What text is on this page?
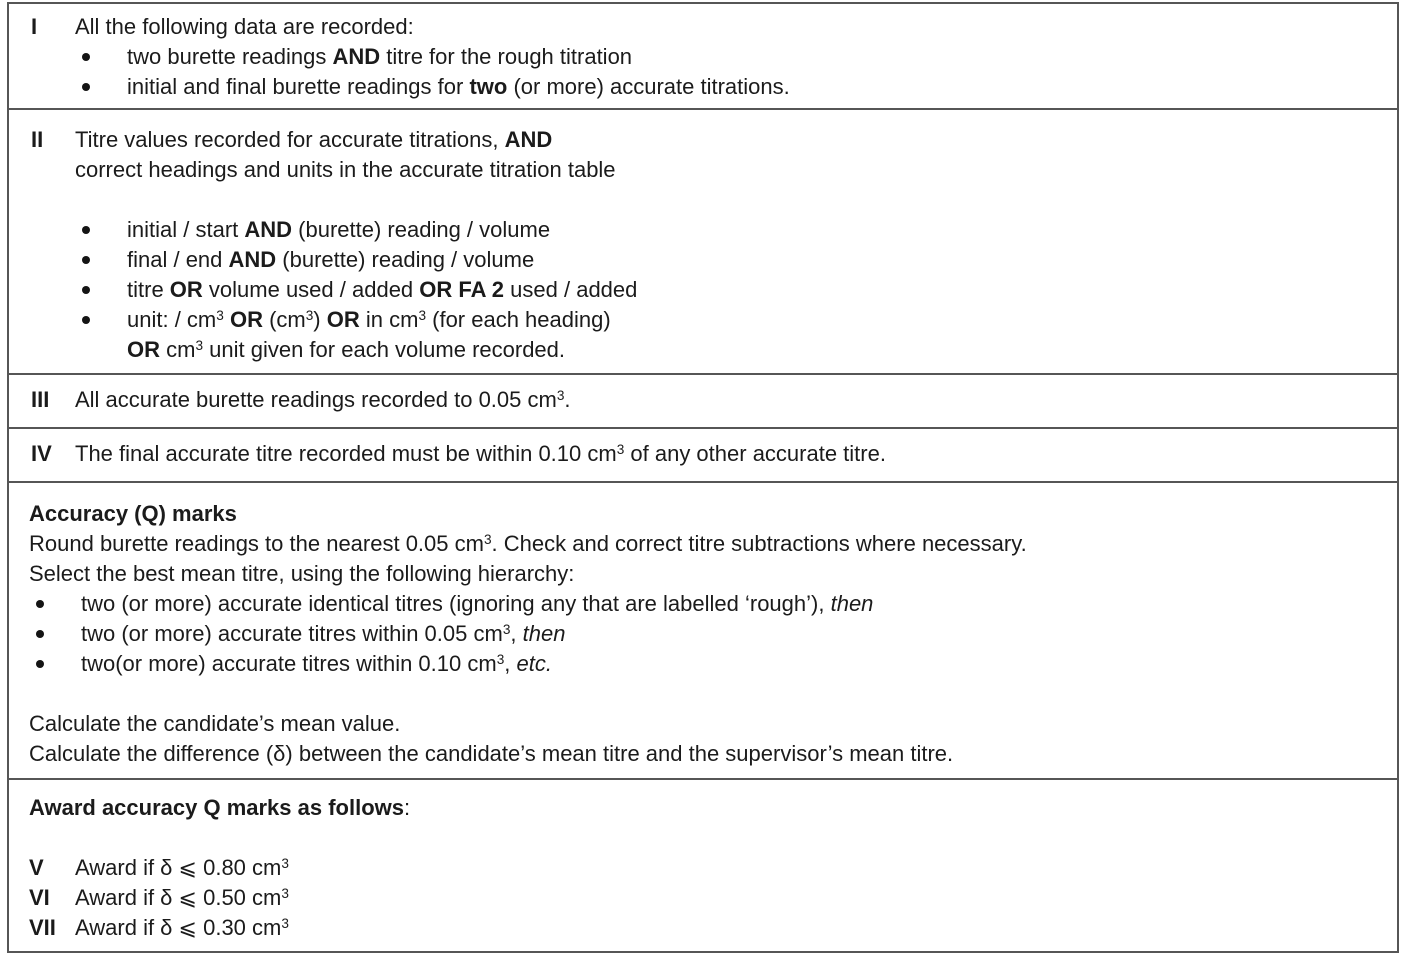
I	All the following data are recorded:
two burette readings AND titre for the rough titration
initial and final burette readings for two (or more) accurate titrations.
II	Titre values recorded for accurate titrations, AND
correct headings and units in the accurate titration table
initial / start AND (burette) reading / volume
final / end AND (burette) reading / volume
titre OR volume used / added OR FA 2 used / added
unit: / $cm^3$ OR $(cm^3)$ OR in $cm^3$ (for each heading)
OR $cm^3$ unit given for each volume recorded.
III	All accurate burette readings recorded to 0.05 $cm^3$.
IV	The final accurate titre recorded must be within 0.10 $cm^3$ of any other accurate titre.
Accuracy (Q) marks
Round burette readings to the nearest 0.05 $cm^3$. Check and correct titre subtractions where necessary.
Select the best mean titre, using the following hierarchy:
two (or more) accurate identical titres (ignoring any that are labelled ‘rough’), then
two (or more) accurate titres within 0.05 $cm^3$, then
two(or more) accurate titres within 0.10 $cm^3$, etc.
Calculate the candidate’s mean value.
Calculate the difference (δ) between the candidate’s mean titre and the supervisor’s mean titre.
Award accuracy Q marks as follows:
V	Award if δ ⩽ 0.80 $cm^3$
VI	Award if δ ⩽ 0.50 $cm^3$
VII Award if δ ⩽ 0.30 $cm^3$
